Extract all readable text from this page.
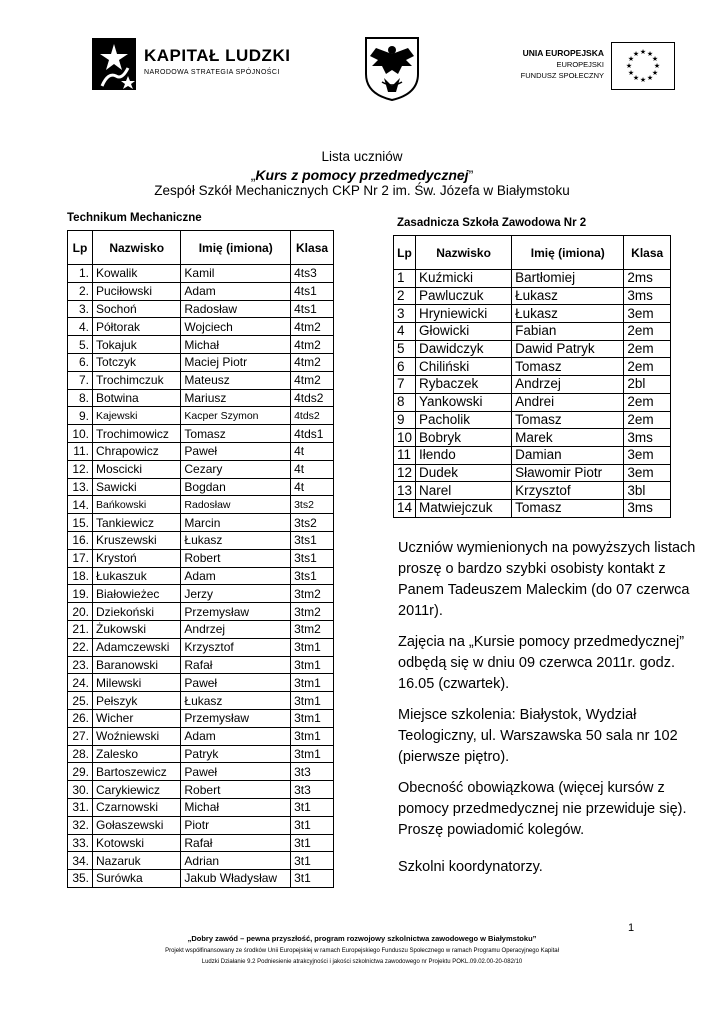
KAPITAŁ LUDZKI
NARODOWA STRATEGIA SPÓJNOŚCI
UNIA EUROPEJSKA
EUROPEJSKI
FUNDUSZ SPOŁECZNY
★ ★
★
★
★
★
★
★
★
★
★
★
Lista uczniów
„Kurs z pomocy przedmedycznej”
Zespół Szkół Mechanicznych CKP Nr 2 im. Św. Józefa w Białymstoku
Technikum Mechaniczne	Zasadnicza Szkoła Zawodowa Nr 2
Lp	Nazwisko	Imię (imiona)	Klasa
1.	Kowalik	Kamil	4ts3
2.	Puciłowski	Adam	4ts1
3.	Sochoń	Radosław	4ts1
4.	Półtorak	Wojciech	4tm2
5.	Tokajuk	Michał	4tm2
6.	Totczyk	Maciej Piotr	4tm2
7.	Trochimczuk	Mateusz	4tm2
8.	Botwina	Mariusz	4tds2
9.	Kajewski	Kacper Szymon	4tds2
10.	Trochimowicz	Tomasz	4tds1
11.	Chrapowicz	Paweł	4t
12.	Moscicki	Cezary	4t
13.	Sawicki	Bogdan	4t
14.	Bańkowski	Radosław	3ts2
15.	Tankiewicz	Marcin	3ts2
16.	Kruszewski	Łukasz	3ts1
17.	Krystoń	Robert	3ts1
18.	Łukaszuk	Adam	3ts1
19.	Białowieżec	Jerzy	3tm2
20.	Dziekoński	Przemysław	3tm2
21.	Żukowski	Andrzej	3tm2
22.	Adamczewski	Krzysztof	3tm1
23.	Baranowski	Rafał	3tm1
24.	Milewski	Paweł	3tm1
25.	Pełszyk	Łukasz	3tm1
26.	Wicher	Przemysław	3tm1
27.	Woźniewski	Adam	3tm1
28.	Zalesko	Patryk	3tm1
29.	Bartoszewicz	Paweł	3t3
30.	Carykiewicz	Robert	3t3
31.	Czarnowski	Michał	3t1
32.	Gołaszewski	Piotr	3t1
33.	Kotowski	Rafał	3t1
34.	Nazaruk	Adrian	3t1
35.	Surówka	Jakub Władysław	3t1
Lp	Nazwisko	Imię (imiona)	Klasa
1	Kuźmicki	Bartłomiej	2ms
2	Pawluczuk	Łukasz	3ms
3	Hryniewicki	Łukasz	3em
4	Głowicki	Fabian	2em
5	Dawidczyk	Dawid Patryk	2em
6	Chiliński	Tomasz	2em
7	Rybaczek	Andrzej	2bl
8	Yankowski	Andrei	2em
9	Pacholik	Tomasz	2em
10	Bobryk	Marek	3ms
11	Iłendo	Damian	3em
12	Dudek	Sławomir Piotr	3em
13	Narel	Krzysztof	3bl
14	Matwiejczuk	Tomasz	3ms

Uczniów wymienionych na powyższych listach proszę o bardzo szybki osobisty kontakt z Panem Tadeuszem Maleckim (do 07 czerwca 2011r).

Zajęcia na „Kursie pomocy przedmedycznej” odbędą się w dniu 09 czerwca 2011r. godz. 16.05 (czwartek).

Miejsce szkolenia: Białystok, Wydział Teologiczny, ul. Warszawska 50 sala nr 102 (pierwsze piętro).

Obecność obowiązkowa (więcej kursów z pomocy przedmedycznej nie przewiduje się). Proszę powiadomić kolegów.

Szkolni koordynatorzy.

1
„Dobry zawód – pewna przyszłość, program rozwojowy szkolnictwa zawodowego w Białymstoku”
Projekt współfinansowany ze środków Unii Europejskiej w ramach Europejskiego Funduszu Społecznego w ramach Programu Operacyjnego Kapitał
Ludzki Działanie 9.2 Podniesienie atrakcyjności i jakości szkolnictwa zawodowego nr Projektu POKL.09.02.00-20-082/10
